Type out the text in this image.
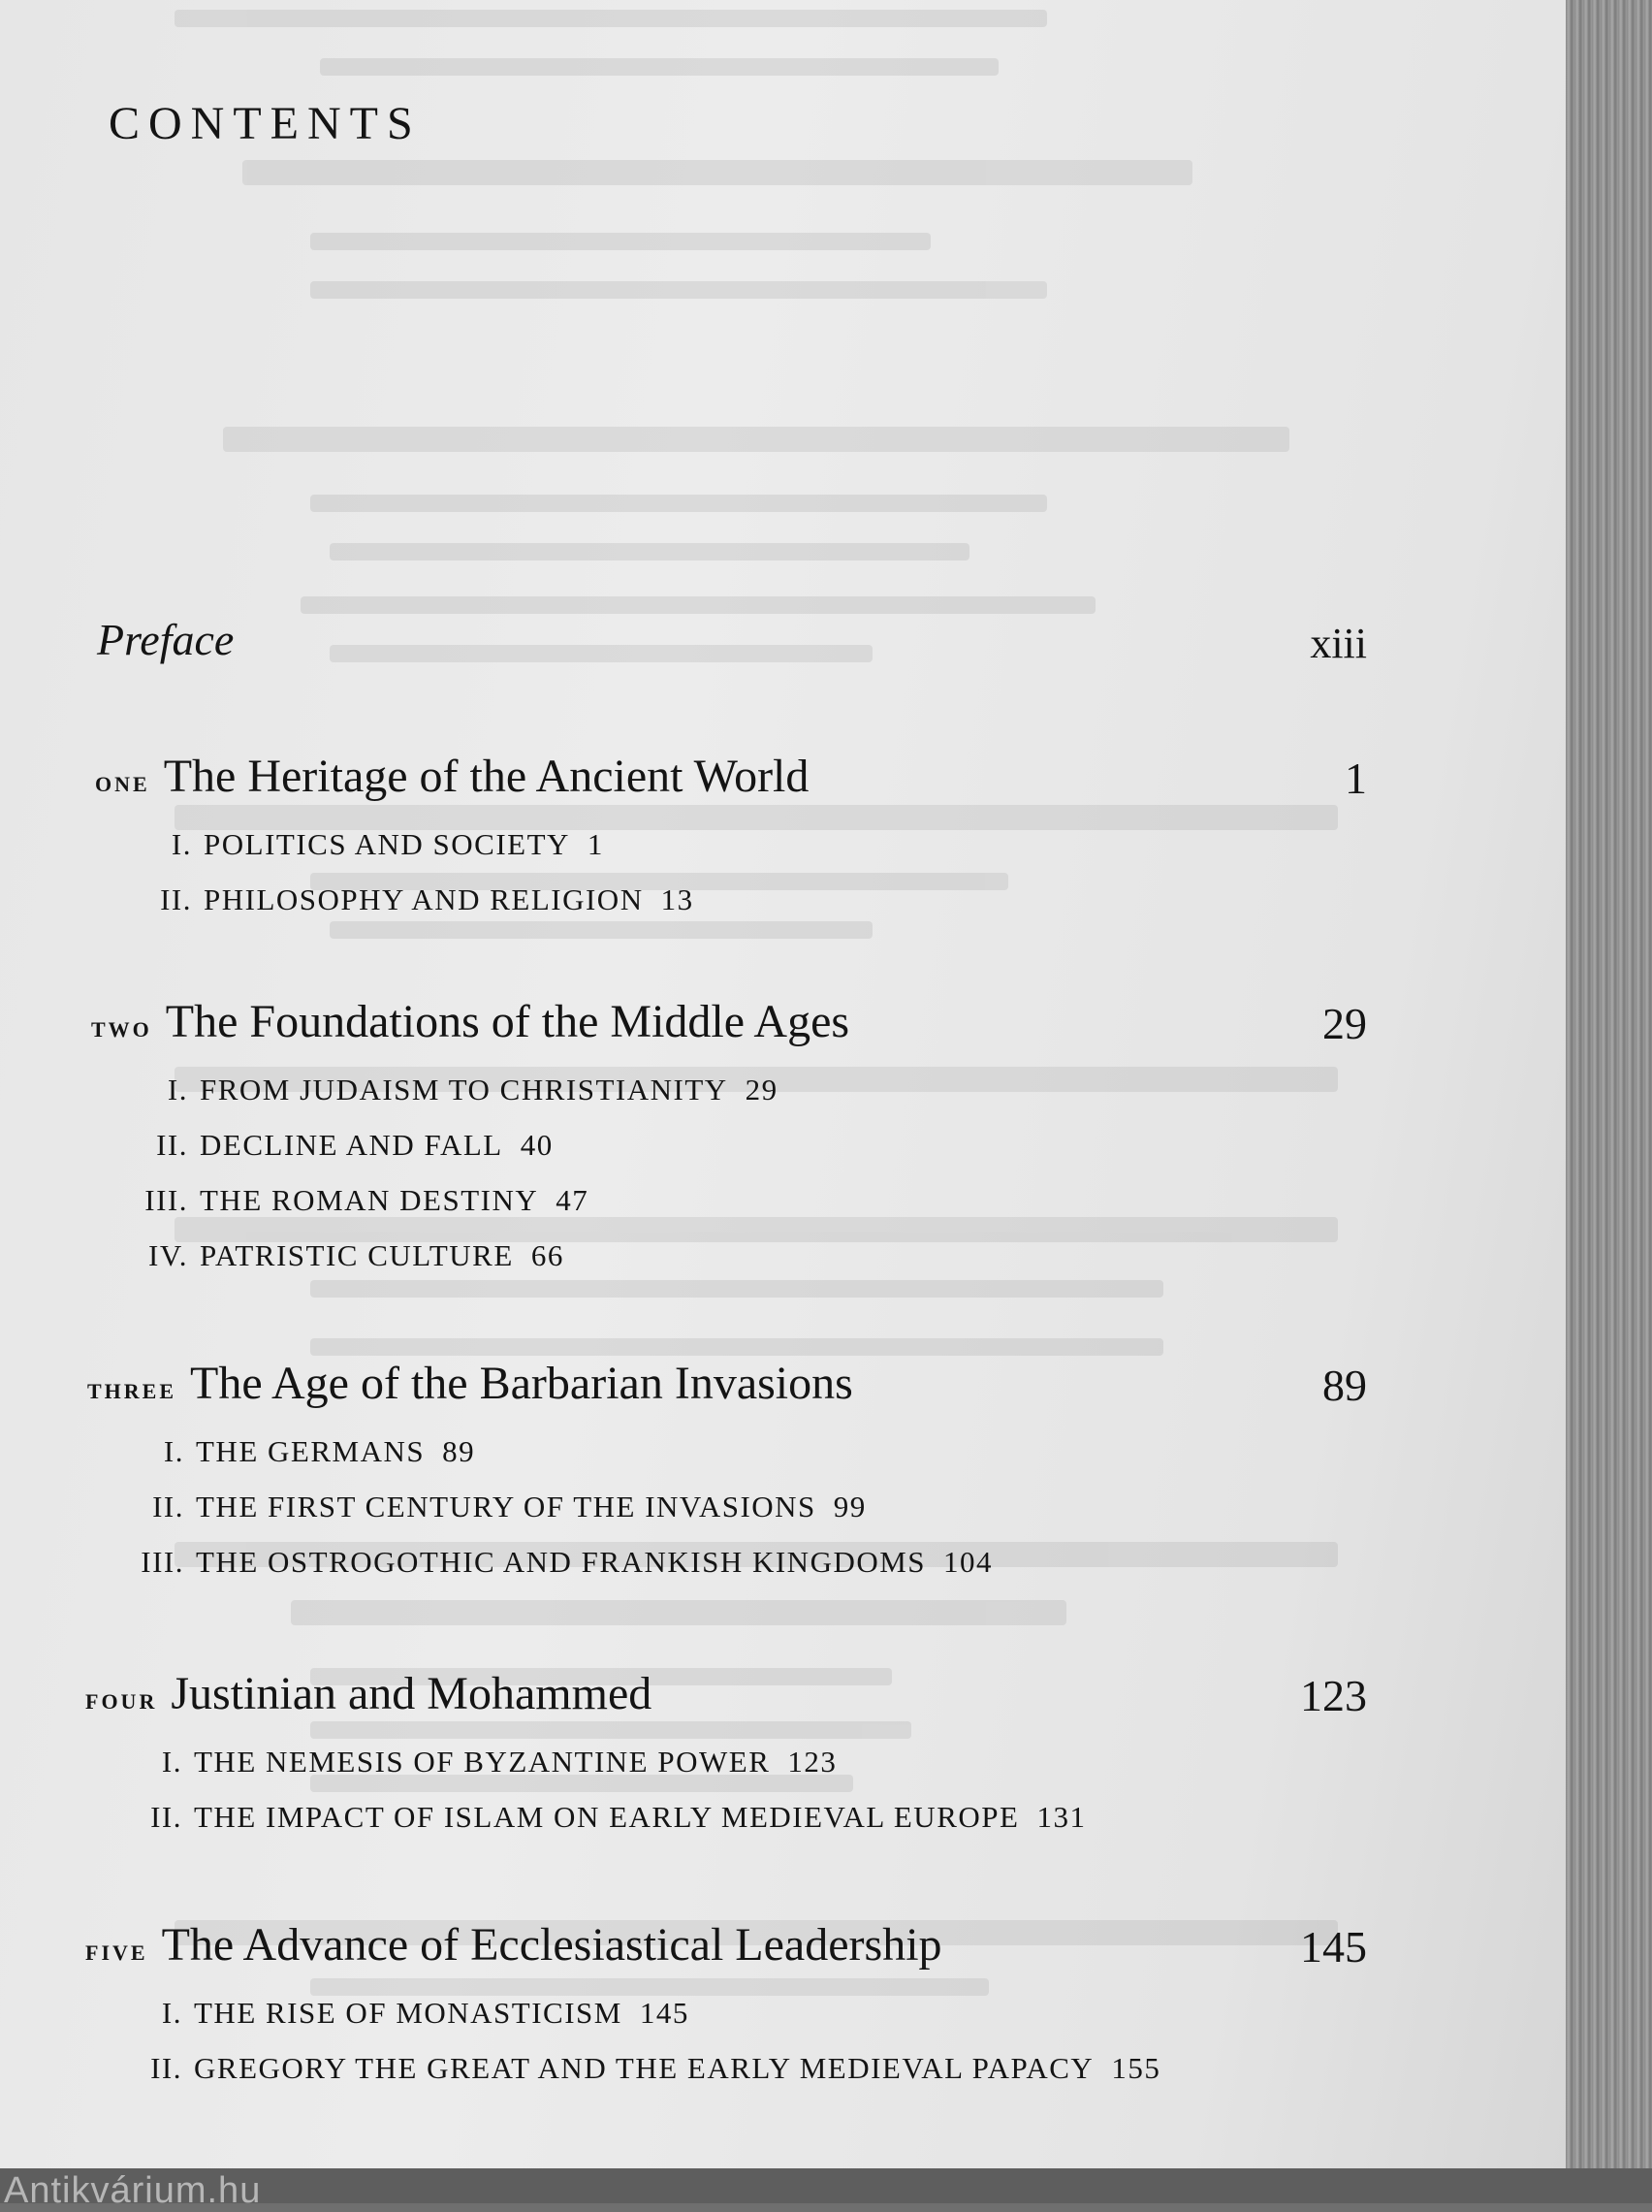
CONTENTS
Preface	xiii
one The Heritage of the Ancient World	1
I. POLITICS AND SOCIETY 1
II. PHILOSOPHY AND RELIGION 13
two The Foundations of the Middle Ages	29
I. FROM JUDAISM TO CHRISTIANITY 29
II. DECLINE AND FALL 40
III. THE ROMAN DESTINY 47
IV. PATRISTIC CULTURE 66
three The Age of the Barbarian Invasions	89
I. THE GERMANS 89
II. THE FIRST CENTURY OF THE INVASIONS 99
III. THE OSTROGOTHIC AND FRANKISH KINGDOMS 104
four Justinian and Mohammed	123
I. THE NEMESIS OF BYZANTINE POWER 123
II. THE IMPACT OF ISLAM ON EARLY MEDIEVAL EUROPE 131
five The Advance of Ecclesiastical Leadership	145
I. THE RISE OF MONASTICISM 145
II. GREGORY THE GREAT AND THE EARLY MEDIEVAL PAPACY 155
Antikvárium.hu
